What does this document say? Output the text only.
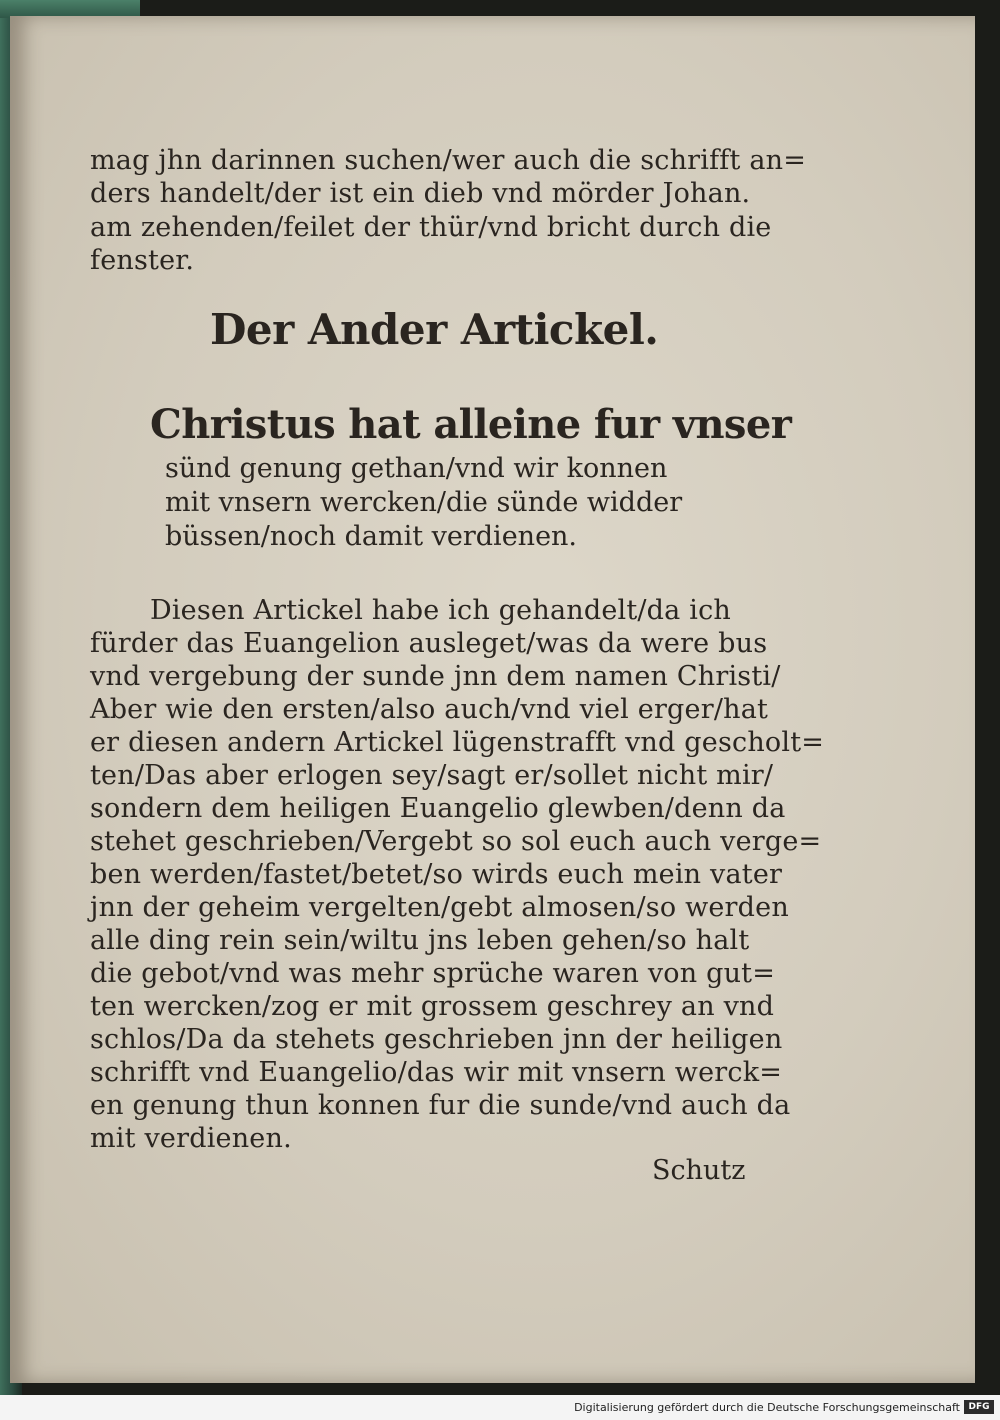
mag jhn darinnen suchen/wer auch die schrifft an=
ders handelt/der ist ein dieb vnd mörder Johan.
am zehenden/feilet der thür/vnd bricht durch die
fenster.
Der Ander Artickel.
Christus hat alleine fur vnser
sünd genung gethan/vnd wir konnen
mit vnsern wercken/die sünde widder
büssen/noch damit verdienen.
Diesen Artickel habe ich gehandelt/da ich
fürder das Euangelion ausleget/was da were bus
vnd vergebung der sunde jnn dem namen Christi/
Aber wie den ersten/also auch/vnd viel erger/hat
er diesen andern Artickel lügenstrafft vnd gescholt=
ten/Das aber erlogen sey/sagt er/sollet nicht mir/
sondern dem heiligen Euangelio glewben/denn da
stehet geschrieben/Vergebt so sol euch auch verge=
ben werden/fastet/betet/so wirds euch mein vater
jnn der geheim vergelten/gebt almosen/so werden
alle ding rein sein/wiltu jns leben gehen/so halt
die gebot/vnd was mehr sprüche waren von gut=
ten wercken/zog er mit grossem geschrey an vnd
schlos/Da da stehets geschrieben jnn der heiligen
schrifft vnd Euangelio/das wir mit vnsern werck=
en genung thun konnen fur die sunde/vnd auch da
mit verdienen.
Schutz
Digitalisierung gefördert durch die Deutsche Forschungsgemeinschaft DFG
